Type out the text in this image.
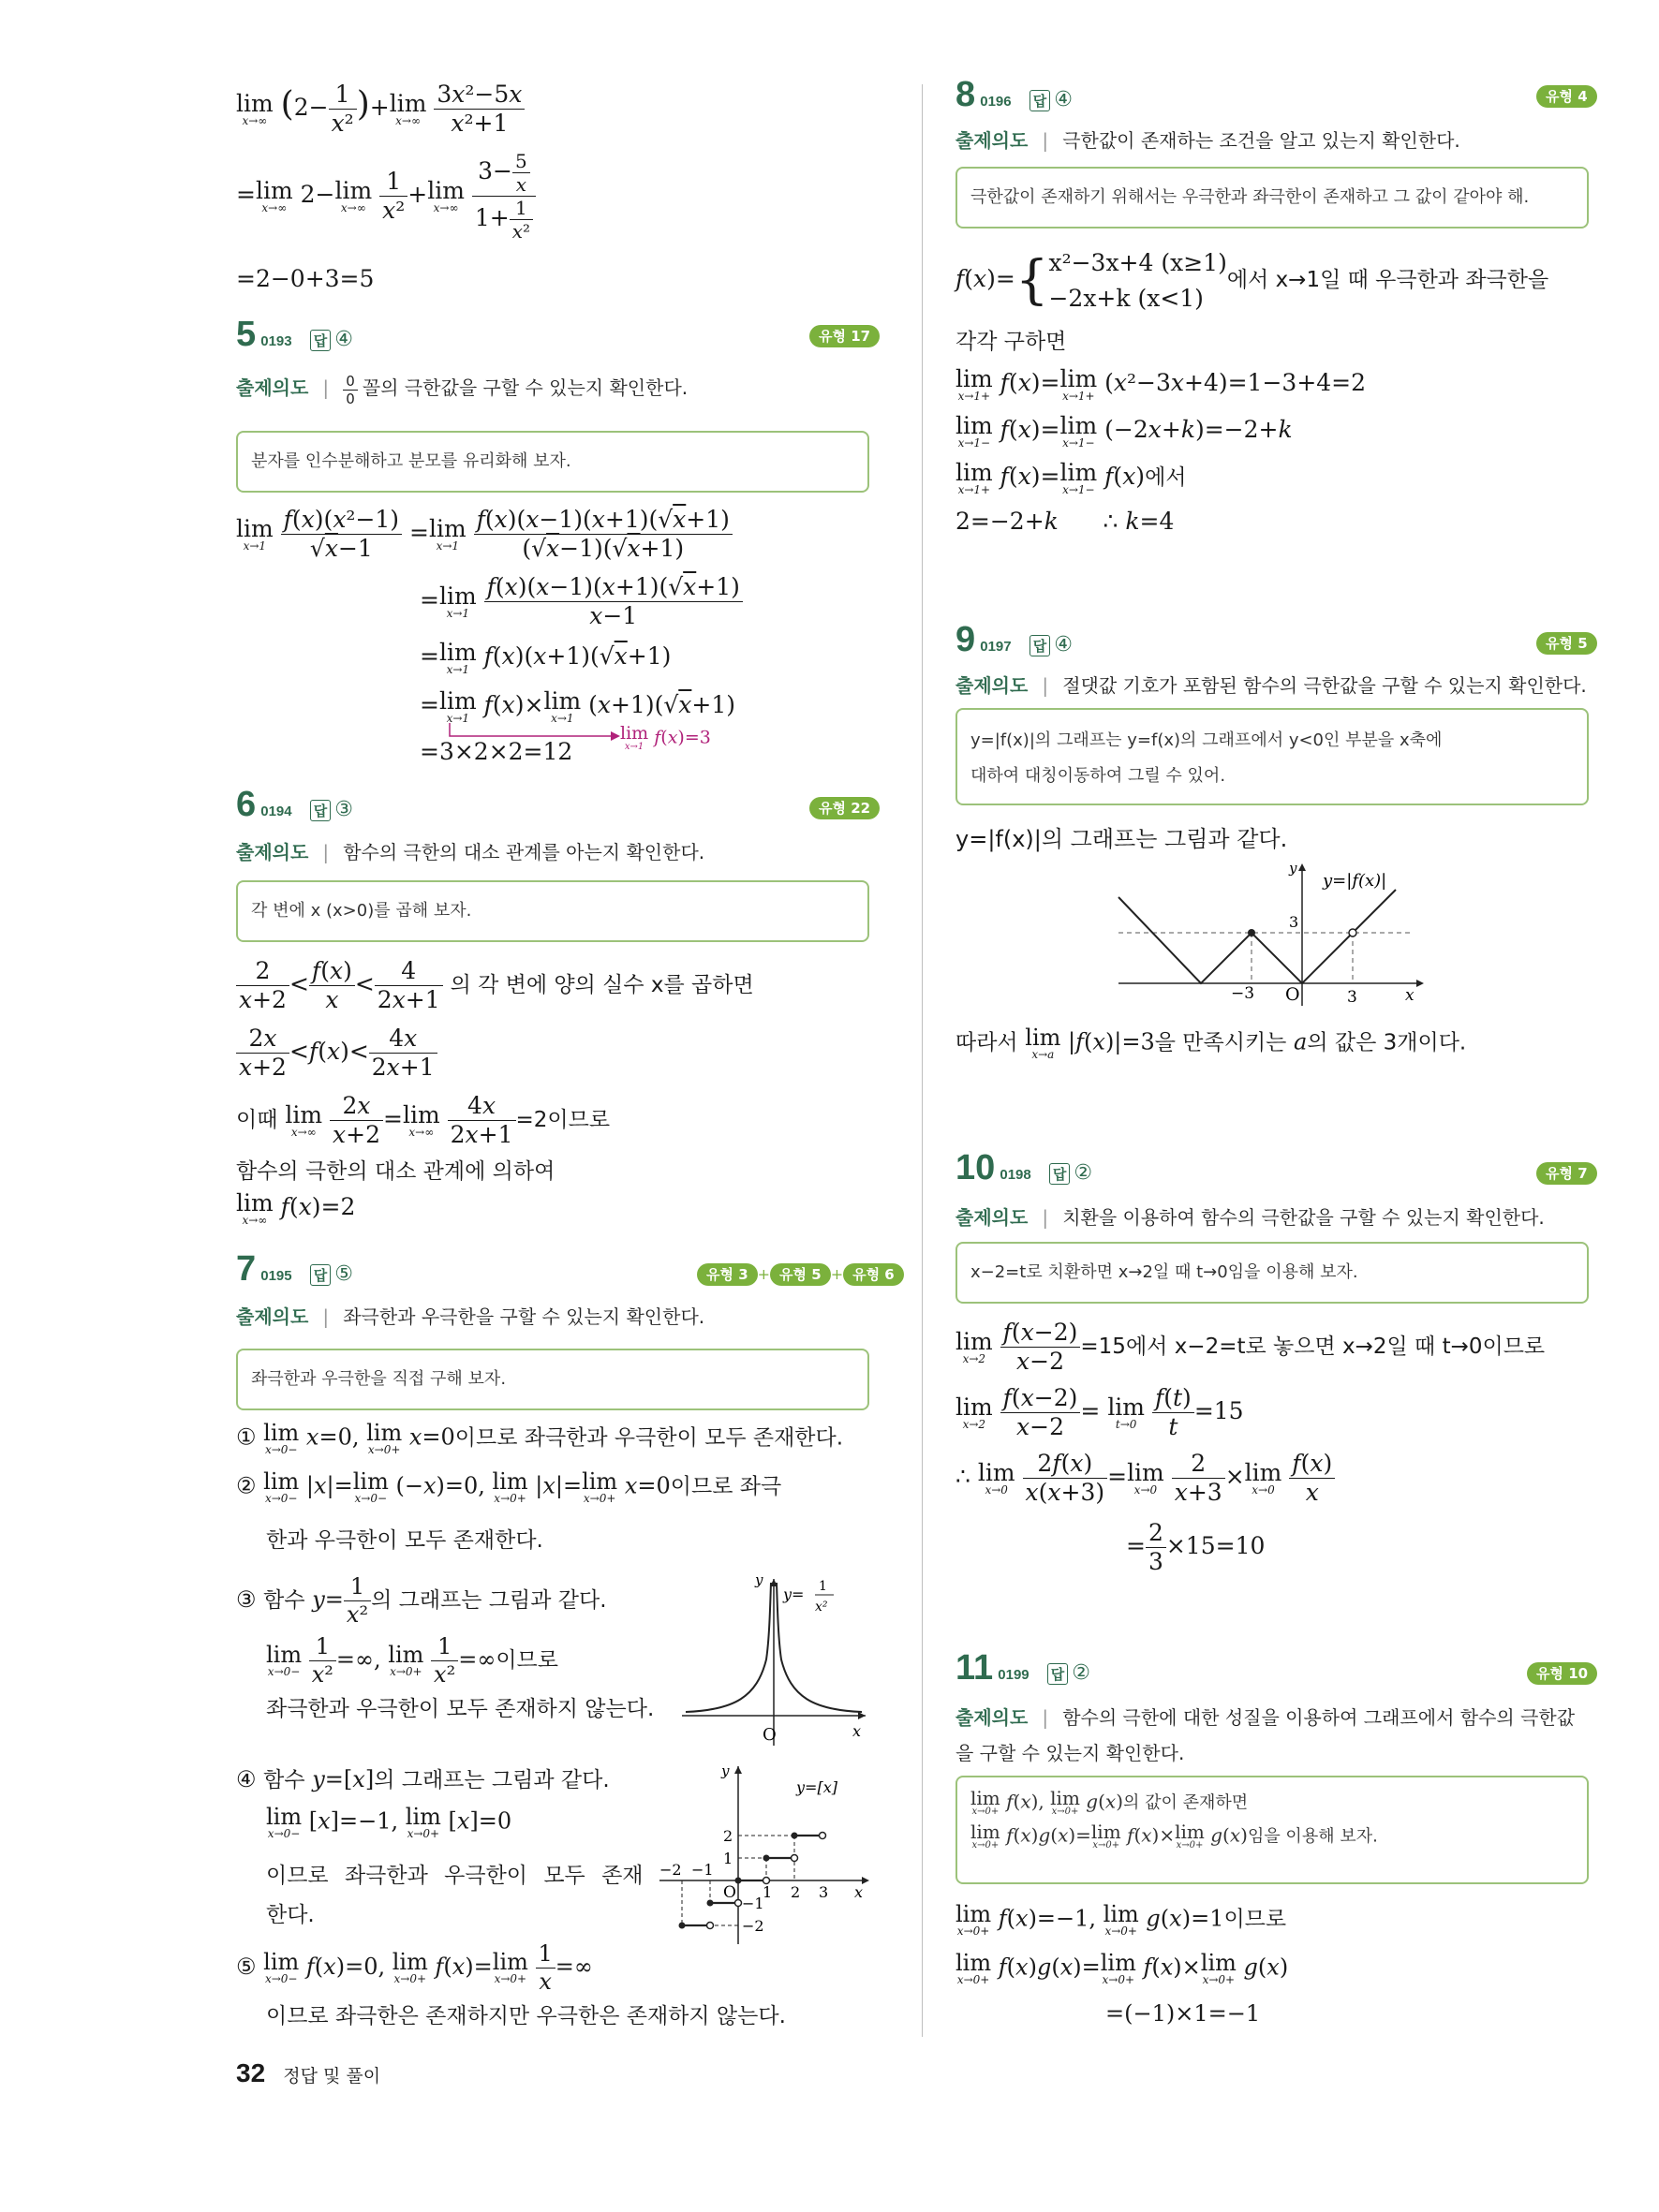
lim
x→∞ $(2- \frac{1}{\text{x²}} )+\lim$
x→∞
$\frac{\text{3x²−5x}}{\text{x²+1}}$
=lim
x→∞ 2−lim
x→∞
$\frac{1}{\text{x²}} +\lim$
x→∞
$\frac{3- \frac{5}{x}}{1+ \frac{1}{\text{x²}}}$
=2−0+3=5
5 0193 답 ④	유형 17
출제의도 | $\frac{0}{0}$ 꼴의 극한값을 구할 수 있는지 확인한다.
분자를 인수분해하고 분모를 유리화해 보자.
lim
x→1
$\frac{\text{f(x)(x²−1)}}{√x-1} =\lim$
x→1
$\frac{f(x)(x-1)(x+1)(√x+1)}{(√x-1)(√x+1)}$
=lim
x→1
$\frac{f(x)(x-1)(x+1)(√x+1)}{x-1}$
=lim
x→1 f(x)(x+1)(√x+1)
=lim
x→1 f(x)×lim
x→1 (x+1)(√x+1)
lim
x→1 f(x)=3
=3×2×2=12
6 0194 답 ③	유형 22
출제의도 | 함수의 극한의 대소 관계를 아는지 확인한다.
각 변에 x (x>0)를 곱해 보자.
$\frac{2}{x+2} < \frac{f(x)}{x} < \frac{4}{2x+1}$ 의 각 변에 양의 실수 x를 곱하면
$\frac{2x}{x+2} <f(x)< \frac{4x}{2x+1}$
이때 lim
x→∞
$\frac{2x}{x+2} =\lim$
x→∞
$\frac{4x}{2x+1} =2$이므로
함수의 극한의 대소 관계에 의하여
lim
x→∞ f(x)=2
7 0195 답 ⑤	유형 3 + 유형 5 + 유형 6
출제의도 | 좌극한과 우극한을 구할 수 있는지 확인한다.
좌극한과 우극한을 직접 구해 보자.
① lim
x→0− x=0, lim
x→0+ x=0이므로 좌극한과 우극한이 모두 존재한다.
② lim
x→0− |x|=lim
x→0− (−x)=0, lim
x→0+ |x|=lim
x→0+ x=0이므로 좌극
한과 우극한이 모두 존재한다.
③ 함수 $y= \frac{1}{\text{x²}}$ 의 그래프는 그림과 같다.
lim
x→0−
$\frac{1}{\text{x²}}$ =∞, lim
x→0+
$\frac{1}{\text{x²}}$ =∞이므로
좌극한과 우극한이 모두 존재하지 않는다.
y
O	x
y= 1
x²
④ 함수 y=[x]의 그래프는 그림과 같다.
lim
x→0− [x]=−1, lim
x→0+ [x]=0
이므로 좌극한과 우극한이 모두 존재
한다.
y
1
2
−2 −1
O 1 2 3 x
−1
−2
y=[x]
⑤ lim
x→0− f(x)=0, lim
x→0+ f(x)=lim
x→0+
$\frac{1}{x}$ =∞
이므로 좌극한은 존재하지만 우극한은 존재하지 않는다.
8 0196 답 ④	유형 4
출제의도 | 극한값이 존재하는 조건을 알고 있는지 확인한다.
극한값이 존재하기 위해서는 우극한과 좌극한이 존재하고 그 값이 같아야 해.
f(x)={ x²−3x+4 (x≥1)
−2x+k (x<1)
에서 x→1일 때 우극한과 좌극한을
각각 구하면
lim
x→1+ f(x)=lim
x→1+ (x²−3x+4)=1−3+4=2
lim
x→1− f(x)=lim
x→1− (−2x+k)=−2+k
lim
x→1+ f(x)=lim
x→1− f(x)에서
2=−2+k      ∴ k=4
9 0197 답 ④	유형 5
출제의도 | 절댓값 기호가 포함된 함수의 극한값을 구할 수 있는지 확인한다.
y=|f(x)|의 그래프는 y=f(x)의 그래프에서 y<0인 부분을 x축에
대하여 대칭이동하여 그릴 수 있어.
y=|f(x)|의 그래프는 그림과 같다.
y
3
−3 O	3	x
y=|f(x)|
따라서 lim
x→a |f(x)|=3을 만족시키는 a의 값은 3개이다.
10 0198 답 ②	유형 7
출제의도 | 치환을 이용하여 함수의 극한값을 구할 수 있는지 확인한다.
x−2=t로 치환하면 x→2일 때 t→0임을 이용해 보자.
lim
x→2
$\frac{f(x-2)}{x-2} =15$에서 x−2=t로 놓으면 x→2일 때 t→0이므로
lim
x→2
$\frac{f(x-2)}{x-2} = \lim$
t→0
$\frac{f(t)}{t} =15$
∴ lim
x→0
$\frac{2f(x)}{x(x+3)} =\lim$
x→0
$\frac{2}{x+3} \times\lim$
x→0
$\frac{f(x)}{x}$
= $\frac{2}{3} \times 15=10$
11 0199 답 ②	유형 10
출제의도 | 함수의 극한에 대한 성질을 이용하여 그래프에서 함수의 극한값
을 구할 수 있는지 확인한다.
lim
x→0+ f(x), lim
x→0+ g(x)의 값이 존재하면
lim
x→0+ f(x)g(x)=lim
x→0+ f(x)×lim
x→0+ g(x)임을 이용해 보자.
lim
x→0+ f(x)=−1, lim
x→0+ g(x)=1이므로
lim
x→0+ f(x)g(x)=lim
x→0+ f(x)×lim
x→0+ g(x)
=(−1)×1=−1
32 정답 및 풀이
